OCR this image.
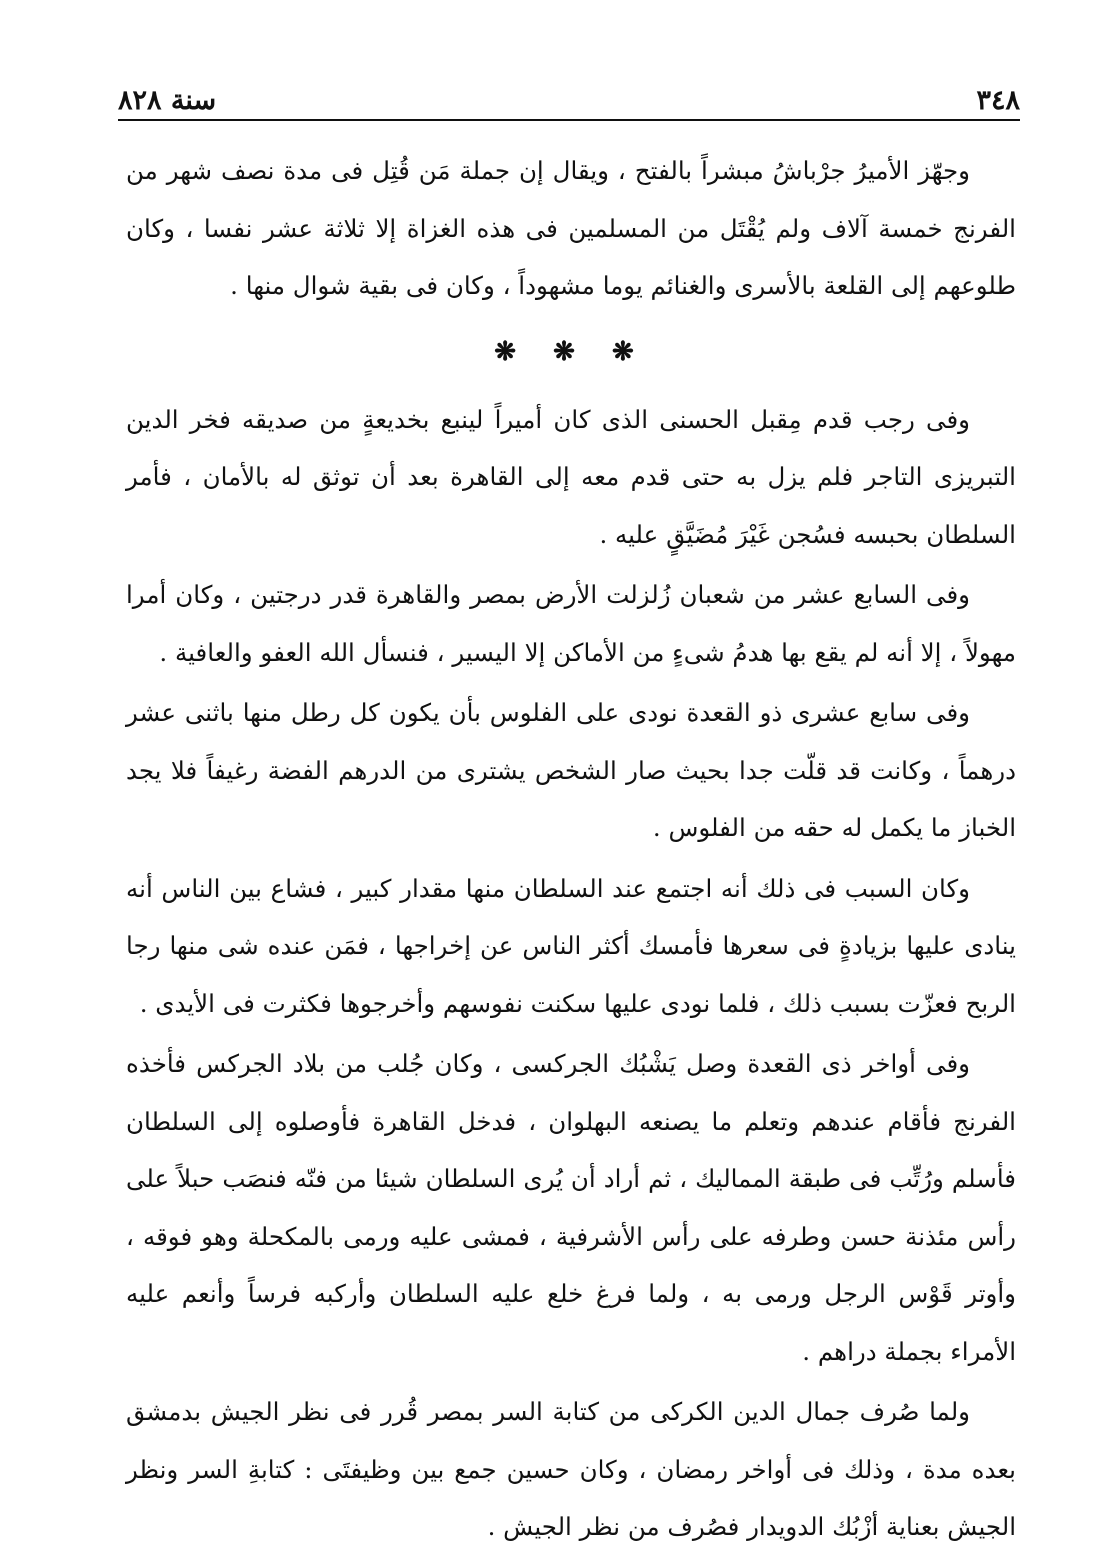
٣٤٨
سنة ٨٢٨

وجهّز الأميرُ جرْباشُ مبشراً بالفتح ، ويقال إن جملة مَن قُتِل فى مدة نصف شهر من الفرنج خمسة آلاف ولم يُقْتَل من المسلمين فى هذه الغزاة إلا ثلاثة عشر نفسا ، وكان طلوعهم إلى القلعة بالأسرى والغنائم يوما مشهوداً ، وكان فى بقية شوال منها .

❋ ❋ ❋

وفى رجب قدم مِقبل الحسنى الذى كان أميراً لينبع بخديعةٍ من صديقه فخر الدين التبريزى التاجر فلم يزل به حتى قدم معه إلى القاهرة بعد أن توثق له بالأمان ، فأمر السلطان بحبسه فسُجن غَيْرَ مُضَيَّقٍ عليه .

وفى السابع عشر من شعبان زُلزلت الأرض بمصر والقاهرة قدر درجتين ، وكان أمرا مهولاً ، إلا أنه لم يقع بها هدمُ شىءٍ من الأماكن إلا اليسير ، فنسأل الله العفو والعافية .

وفى سابع عشرى ذو القعدة نودى على الفلوس بأن يكون كل رطل منها باثنى عشر درهماً ، وكانت قد قلّت جدا بحيث صار الشخص يشترى من الدرهم الفضة رغيفاً فلا يجد الخباز ما يكمل له حقه من الفلوس .

وكان السبب فى ذلك أنه اجتمع عند السلطان منها مقدار كبير ، فشاع بين الناس أنه ينادى عليها بزيادةٍ فى سعرها فأمسك أكثر الناس عن إخراجها ، فمَن عنده شى منها رجا الربح فعزّت بسبب ذلك ، فلما نودى عليها سكنت نفوسهم وأخرجوها فكثرت فى الأيدى .

وفى أواخر ذى القعدة وصل يَشْبُك الجركسى ، وكان جُلب من بلاد الجركس فأخذه الفرنج فأقام عندهم وتعلم ما يصنعه البهلوان ، فدخل القاهرة فأوصلوه إلى السلطان فأسلم ورُتِّب فى طبقة المماليك ، ثم أراد أن يُرى السلطان شيئا من فنّه فنصَب حبلاً على رأس مئذنة حسن وطرفه على رأس الأشرفية ، فمشى عليه ورمى بالمكحلة وهو فوقه ، وأوتر قَوْس الرجل ورمى به ، ولما فرغ خلع عليه السلطان وأركبه فرساً وأنعم عليه الأمراء بجملة دراهم .

ولما صُرف جمال الدين الكركى من كتابة السر بمصر قُرر فى نظر الجيش بدمشق بعده مدة ، وذلك فى أواخر رمضان ، وكان حسين جمع بين وظيفتَى : كتابةِ السر ونظر الجيش بعناية أزْبُك الدويدار فصُرف من نظر الجيش .
